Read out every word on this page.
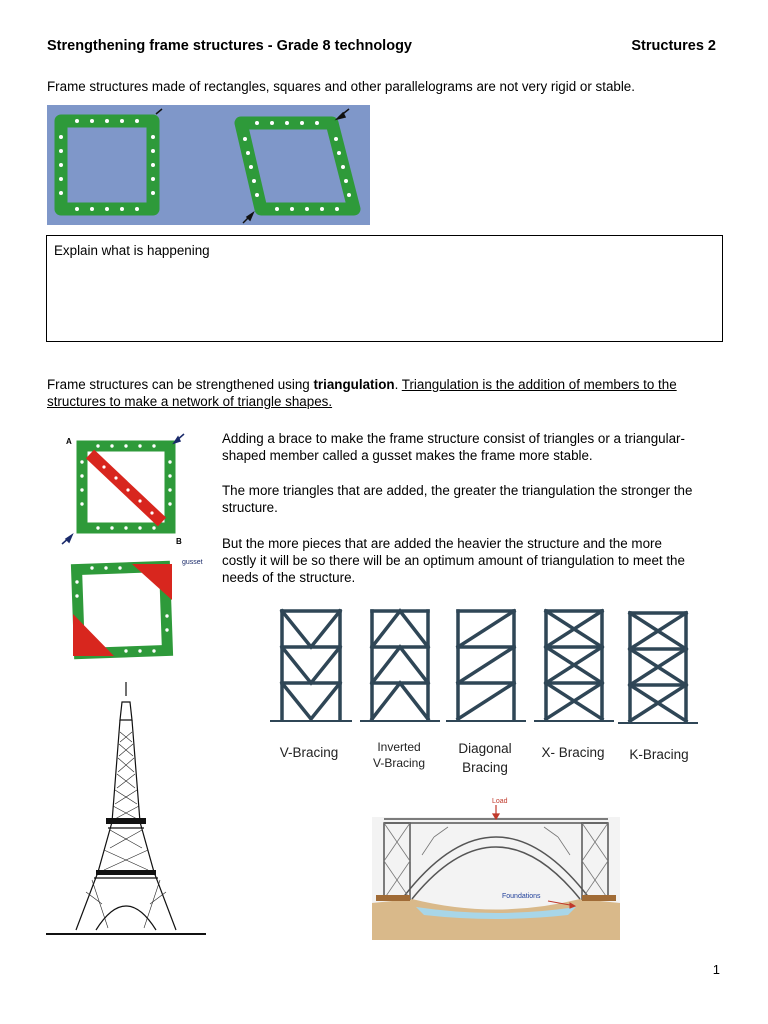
Strengthening frame structures - Grade 8 technology	Structures 2
Frame structures made of rectangles, squares and other parallelograms are not very rigid or stable.
Explain what is happening
Frame structures can be strengthened using triangulation. Triangulation is the addition of members to the
structures to make a network of triangle shapes.
A
B
gusset
Adding a brace to make the frame structure consist of triangles or a triangular-
shaped member called a gusset makes the frame more stable.
The more triangles that are added, the greater the triangulation the stronger the
structure.
But the more pieces that are added the heavier the structure and the more
costly it will be so there will be an optimum amount of triangulation to meet the
needs of the structure.
V-Bracing	Inverted
V-Bracing
Diagonal
Bracing
X- Bracing	K-Bracing
Load
Foundations
1
